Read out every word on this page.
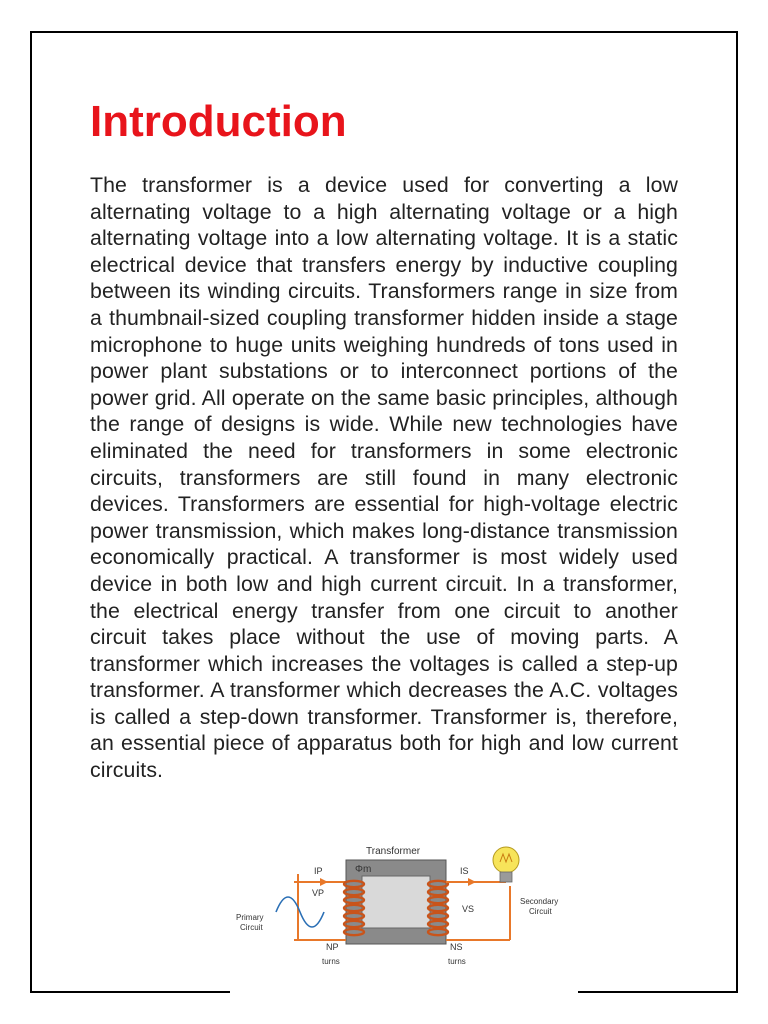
Introduction

The transformer is a device used for converting a low alternating voltage to a high alternating voltage or a high alternating voltage into a low alternating voltage. It is a static electrical device that transfers energy by inductive coupling between its winding circuits. Transformers range in size from a thumbnail-sized coupling transformer hidden inside a stage microphone to huge units weighing hundreds of tons used in power plant substations or to interconnect portions of the power grid. All operate on the same basic principles, although the range of designs is wide. While new technologies have eliminated the need for transformers in some electronic circuits, transformers are still found in many electronic devices. Transformers are essential for high-voltage electric power transmission, which makes long-distance transmission economically practical. A transformer is most widely used device in both low and high current circuit. In a transformer, the electrical energy transfer from one circuit to another circuit takes place without the use of moving parts. A transformer which increases the voltages is called a step-up transformer. A transformer which decreases the A.C. voltages is called a step-down transformer. Transformer is, therefore, an essential piece of apparatus both for high and low current circuits.

Transformer
Φm
IP
VP
IS
VS
NP
turns
NS
turns
Primary
Circuit
Secondary
Circuit
